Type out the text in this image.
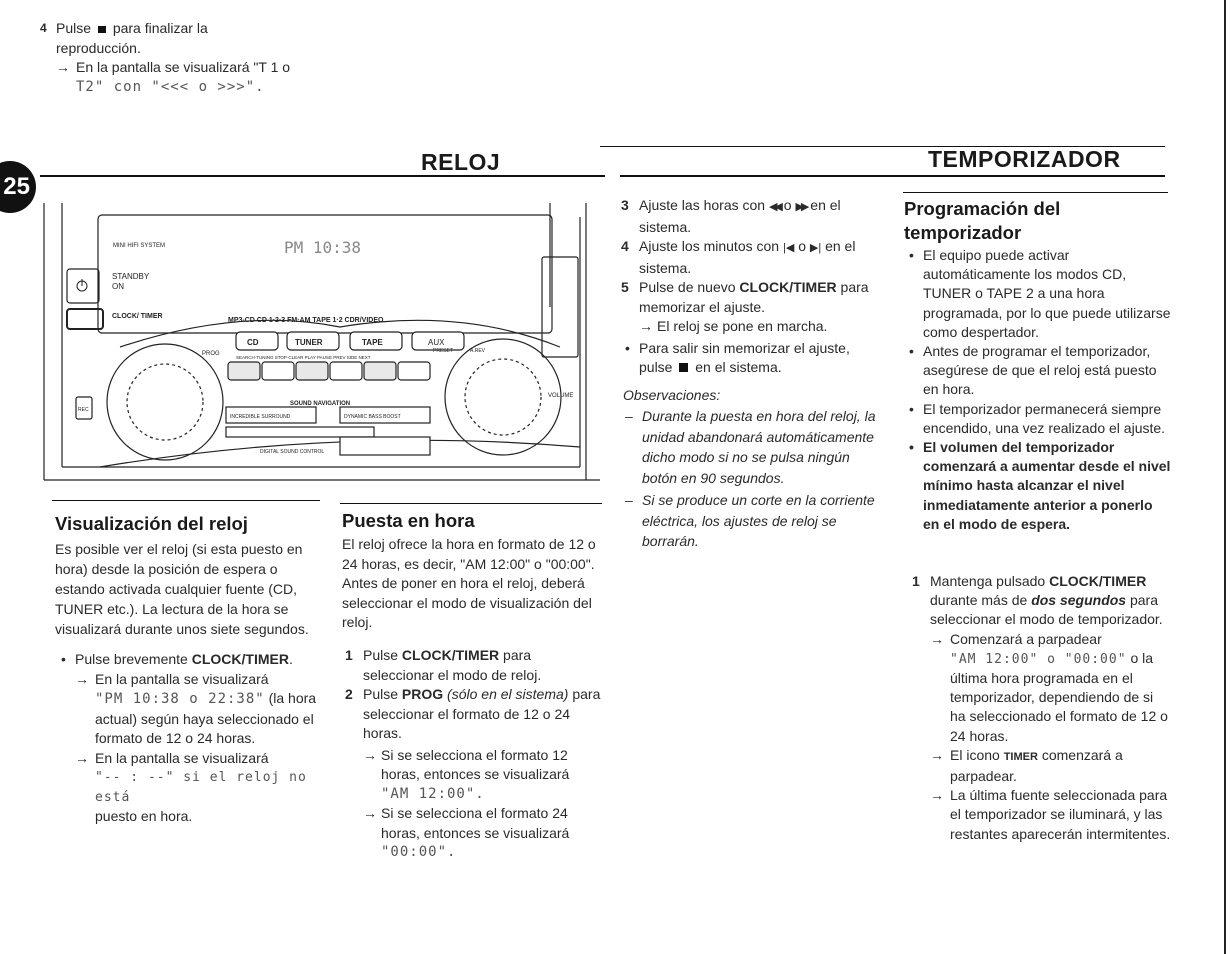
4 Pulse para finalizar la
reproducción.
→ En la pantalla se visualizará "T 1 o
T2" con "<<< o >>>".
25
RELOJ	TEMPORIZADOR
MINI HIFI SYSTEM
STANDBY
ON
CLOCK/ TIMER
PM 10:38
MP3-CD CD 1·2·3 FM·AM TAPE 1·2 CDR/VIDEO
CD	TUNER	TAPE	AUX
PROG
SEARCH·TUNING STOP·CLEAR PLAY PAUSE PREV SIDE NEXT
PRESET	A.REV
SOUND NAVIGATION
INCREDIBLE SURROUND	DYNAMIC BASS BOOST
DIGITAL SOUND CONTROL
VOLUME
REC
Visualización del reloj
Es posible ver el reloj (si esta puesto en hora) desde la posición de espera o estando activada cualquier fuente (CD, TUNER etc.). La lectura de la hora se visualizará durante unos siete segundos.
• Pulse brevemente CLOCK/TIMER.
→ En la pantalla se visualizará
"PM 10:38 o 22:38" (la hora
actual) según haya seleccionado el
formato de 12 o 24 horas.
→ En la pantalla se visualizará
"-- : --" si el reloj no está
puesto en hora.
Puesta en hora
El reloj ofrece la hora en formato de 12 o 24 horas, es decir, "AM 12:00" o "00:00". Antes de poner en hora el reloj, deberá seleccionar el modo de visualización del reloj.
1 Pulse CLOCK/TIMER para seleccionar el modo de reloj.
2 Pulse PROG (sólo en el sistema) para seleccionar el formato de 12 o 24 horas.
→ Si se selecciona el formato 12 horas, entonces se visualizará
"AM 12:00".
→ Si se selecciona el formato 24 horas, entonces se visualizará
"00:00".
3 Ajuste las horas con ◀◀ o ▶▶ en el sistema.
4 Ajuste los minutos con |◀ o ▶| en el sistema.
5 Pulse de nuevo CLOCK/TIMER para memorizar el ajuste.
→ El reloj se pone en marcha.
• Para salir sin memorizar el ajuste, pulse en el sistema.
Observaciones:
– Durante la puesta en hora del reloj, la unidad abandonará automáticamente dicho modo si no se pulsa ningún botón en 90 segundos.
– Si se produce un corte en la corriente eléctrica, los ajustes de reloj se borrarán.
Programación del temporizador
• El equipo puede activar automáticamente los modos CD, TUNER o TAPE 2 a una hora programada, por lo que puede utilizarse como despertador.
• Antes de programar el temporizador, asegúrese de que el reloj está puesto en hora.
• El temporizador permanecerá siempre encendido, una vez realizado el ajuste.
• El volumen del temporizador comenzará a aumentar desde el nivel mínimo hasta alcanzar el nivel inmediatamente anterior a ponerlo en el modo de espera.
1 Mantenga pulsado CLOCK/TIMER durante más de dos segundos para seleccionar el modo de temporizador.
→ Comenzará a parpadear
"AM 12:00" o "00:00" o la última hora programada en el temporizador, dependiendo de si ha seleccionado el formato de 12 o 24 horas.
→ El icono TIMER comenzará a parpadear.
→ La última fuente seleccionada para el temporizador se iluminará, y las restantes aparecerán intermitentes.
